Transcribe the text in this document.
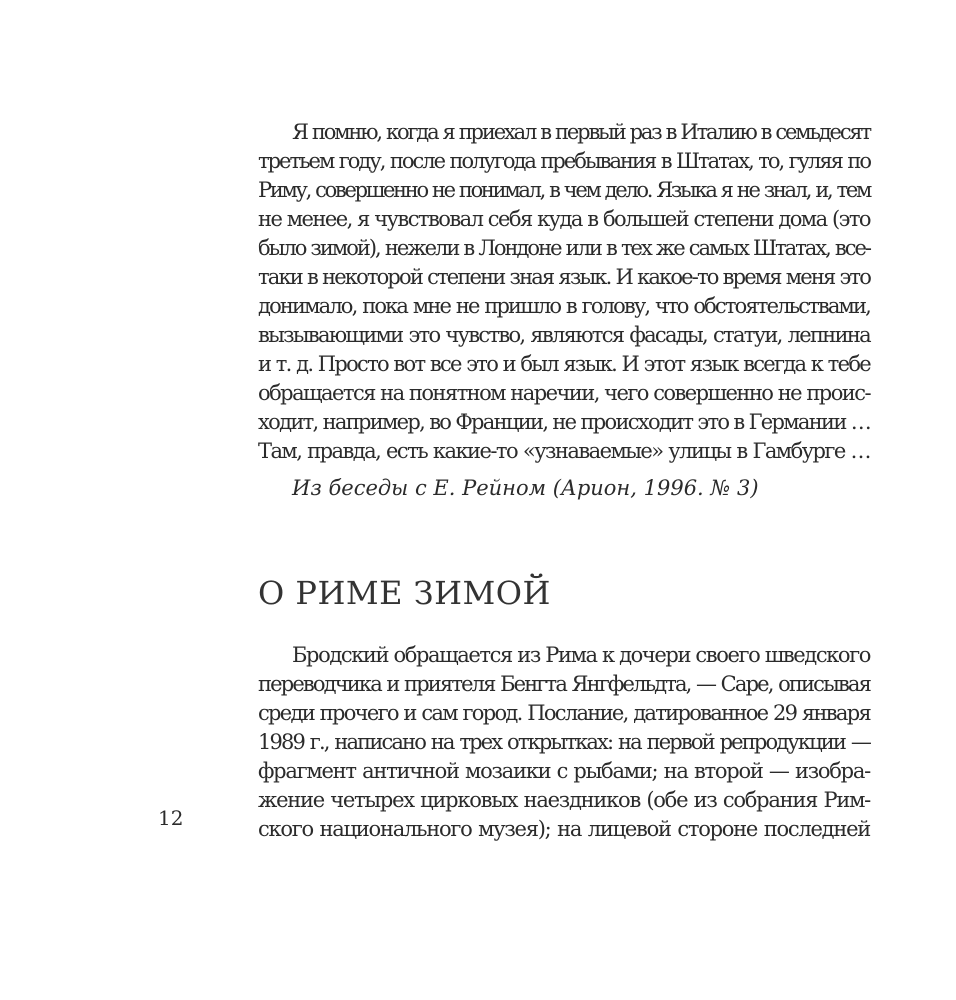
Я помню, когда я приехал в первый раз в Италию в семьдесят
третьем году, после полугода пребывания в Штатах, то, гуляя по
Риму, совершенно не понимал, в чем дело. Языка я не знал, и, тем
не менее, я чувствовал себя куда в большей степени дома (это
было зимой), нежели в Лондоне или в тех же самых Штатах, все-
таки в некоторой степени зная язык. И какое-то время меня это
донимало, пока мне не пришло в голову, что обстоятельствами,
вызывающими это чувство, являются фасады, статуи, лепнина
и т. д. Просто вот все это и был язык. И этот язык всегда к тебе
обращается на понятном наречии, чего совершенно не проис-
ходит, например, во Франции, не происходит это в Германии …
Там, правда, есть какие-то «узнаваемые» улицы в Гамбурге …
Из беседы с Е. Рейном (Арион, 1996. № 3)
О РИМЕ ЗИМОЙ
Бродский обращается из Рима к дочери своего шведского
переводчика и приятеля Бенгта Янгфельдта, — Саре, описывая
среди прочего и сам город. Послание, датированное 29 января
1989 г., написано на трех открытках: на первой репродукции —
фрагмент античной мозаики с рыбами; на второй — изобра-
жение четырех цирковых наездников (обе из собрания Рим-
ского национального музея); на лицевой стороне последней
12
